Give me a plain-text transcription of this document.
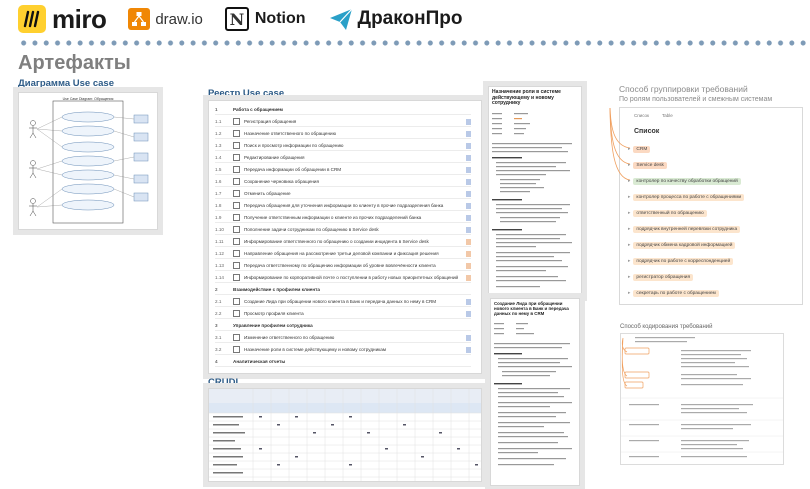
miro	draw.io N Notion	ДраконПро
Артефакты
Диаграмма Use case
Use Case Diagram: Обращения	Реестр Use case
1	Работа с обращением
1.1	Регистрация обращения
1.2	Назначение ответственного по обращению
1.3	Поиск и просмотр информации по обращению
1.4	Редактирование обращения
1.5	Передача информации об обращении в CRM
1.6	Сохранение черновика обращения
1.7	Отменить обращение
1.8	Передача обращения для уточнения информации по клиенту в прочие подразделения банка
1.9	Получение ответственным информации о клиенте из прочих подразделений банка
1.10	Пополнение задачи сотрудникам по обращению в Service desk
1.11	Информирование ответственного по обращению о создании инцидента в Service desk
1.12	Направление обращения на рассмотрение третьи деловой компании и фиксация решения
1.13	Передача ответственному по обращению информации об уровне вовлечённости клиента
1.14	Информирование по корпоративной почте о поступлении в работу новых приоритетных обращений
2	Взаимодействие с профилем клиента
2.1	Создание Лида при обращении нового клиента в Банк и передача данных по нему в CRM
2.2	Просмотр профиля клиента
3	Управление профилем сотрудника
3.1	Изменение ответственного по обращению
3.2	Назначение роли в системе действующему и новому сотрудникам
4	Аналитическая отчеты
CRUDL
Назначение роли в системе действующему и новому сотруднику
Создание Лида при обращении нового клиента в Банк и передача данных по нему в CRM
Способ группировки требований
По ролям пользователей и смежным системам
Список	Table
Список
▸	CRM
▸	Service desk
▸	контролер по качеству обработки обращений
▸	контролер процесса по работе с обращениями
▸	ответственный по обращению
▸	подрядчик внутренней перевязки сотрудника
▸	подрядчик обмена кадровой информацией
▸	подрядчик по работе с корреспонденцией
▸	регистратор обращения
▸	секретарь по работе с обращением
Способ кодирования требований
